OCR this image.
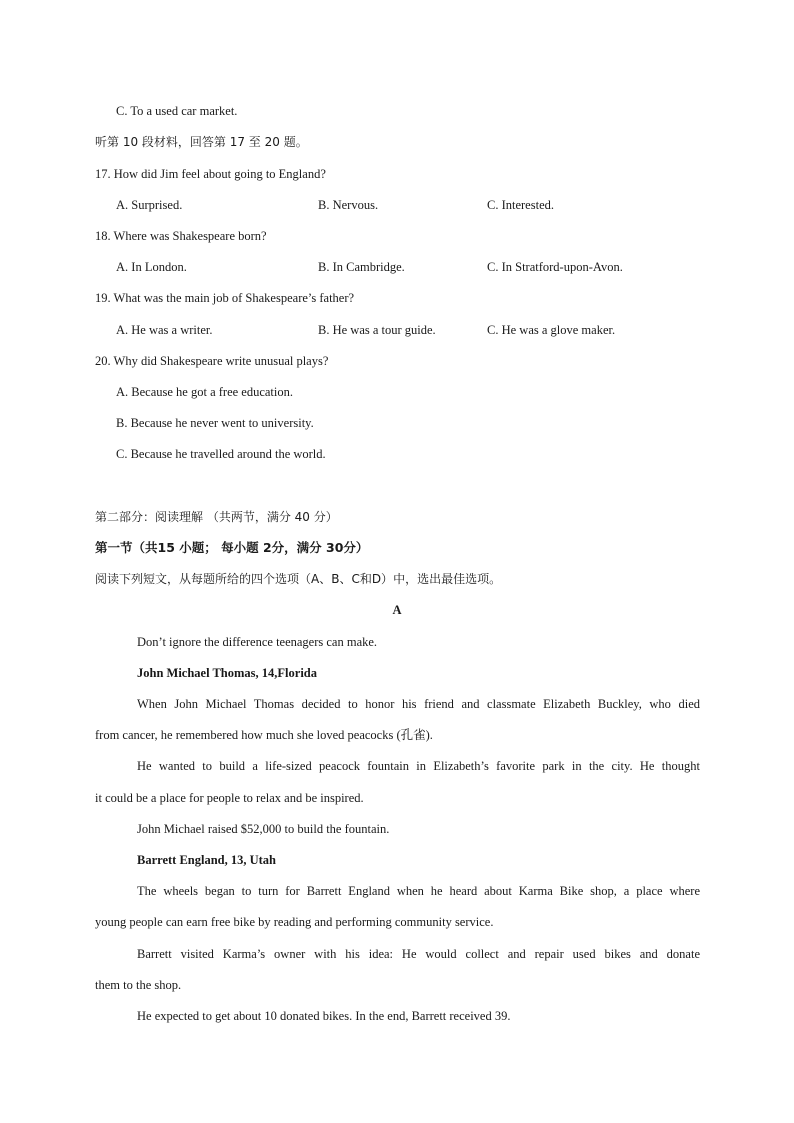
C. To a used car market.
听第 10 段材料，回答第 17 至 20 题。
17. How did Jim feel about going to England?
A. Surprised.	B. Nervous.	C. Interested.
18. Where was Shakespeare born?
A. In London.	B. In Cambridge.	C. In Stratford-upon-Avon.
19. What was the main job of Shakespeare’s father?
A. He was a writer.	B. He was a tour guide.	C. He was a glove maker.
20. Why did Shakespeare write unusual plays?
A. Because he got a free education.
B. Because he never went to university.
C. Because he travelled around the world.
第二部分：阅读理解 （共两节，满分 40 分）
第一节（共15 小题； 每小题 2分，满分 30分）
阅读下列短文，从每题所给的四个选项（A、B、C和D）中，选出最佳选项。
A
Don’t ignore the difference teenagers can make.
John Michael Thomas, 14,Florida
When John Michael Thomas decided to honor his friend and classmate Elizabeth Buckley, who died
from cancer, he remembered how much she loved peacocks (孔雀).
He wanted to build a life-sized peacock fountain in Elizabeth’s favorite park in the city. He thought
it could be a place for people to relax and be inspired.
John Michael raised $52,000 to build the fountain.
Barrett England, 13, Utah
The wheels began to turn for Barrett England when he heard about Karma Bike shop, a place where
young people can earn free bike by reading and performing community service.
Barrett visited Karma’s owner with his idea: He would collect and repair used bikes and donate
them to the shop.
He expected to get about 10 donated bikes. In the end, Barrett received 39.
